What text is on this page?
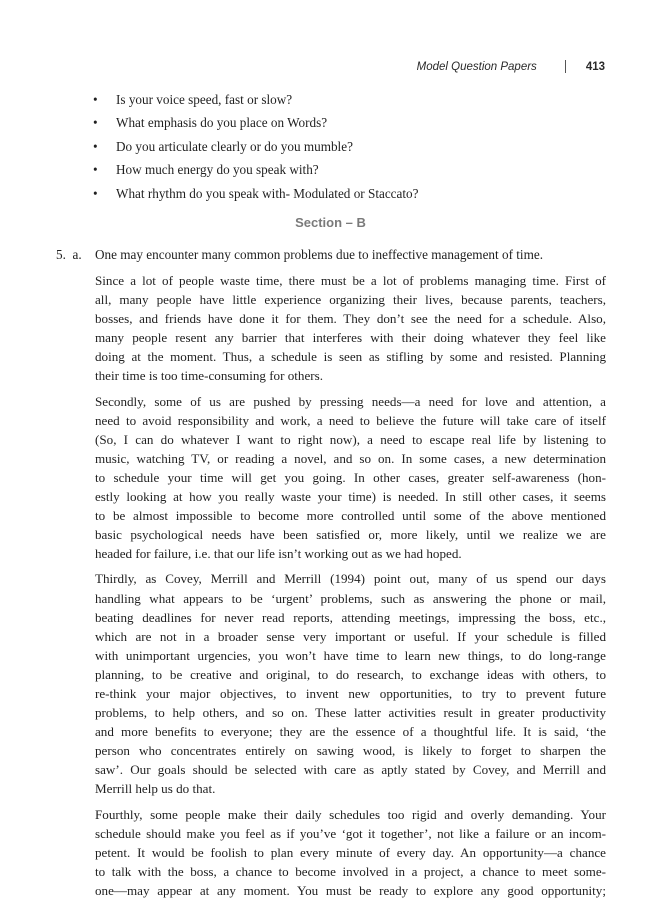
Model Question Papers	413
• Is your voice speed, fast or slow?
• What emphasis do you place on Words?
• Do you articulate clearly or do you mumble?
• How much energy do you speak with?
• What rhythm do you speak with- Modulated or Staccato?
Section – B
5. a. One may encounter many common problems due to ineffective management of time.

Since a lot of people waste time, there must be a lot of problems managing time. First of
all, many people have little experience organizing their lives, because parents, teachers,
bosses, and friends have done it for them. They don’t see the need for a schedule. Also,
many people resent any barrier that interferes with their doing whatever they feel like
doing at the moment. Thus, a schedule is seen as stifling by some and resisted. Planning
their time is too time-consuming for others.

Secondly, some of us are pushed by pressing needs—a need for love and attention, a
need to avoid responsibility and work, a need to believe the future will take care of itself
(So, I can do whatever I want to right now), a need to escape real life by listening to
music, watching TV, or reading a novel, and so on. In some cases, a new determination
to schedule your time will get you going. In other cases, greater self-awareness (hon-
estly looking at how you really waste your time) is needed. In still other cases, it seems
to be almost impossible to become more controlled until some of the above mentioned
basic psychological needs have been satisfied or, more likely, until we realize we are
headed for failure, i.e. that our life isn’t working out as we had hoped.

Thirdly, as Covey, Merrill and Merrill (1994) point out, many of us spend our days
handling what appears to be ‘urgent’ problems, such as answering the phone or mail,
beating deadlines for never read reports, attending meetings, impressing the boss, etc.,
which are not in a broader sense very important or useful. If your schedule is filled
with unimportant urgencies, you won’t have time to learn new things, to do long-range
planning, to be creative and original, to do research, to exchange ideas with others, to
re-think your major objectives, to invent new opportunities, to try to prevent future
problems, to help others, and so on. These latter activities result in greater productivity
and more benefits to everyone; they are the essence of a thoughtful life. It is said, ‘the
person who concentrates entirely on sawing wood, is likely to forget to sharpen the
saw’. Our goals should be selected with care as aptly stated by Covey, and Merrill and
Merrill help us do that.

Fourthly, some people make their daily schedules too rigid and overly demanding. Your
schedule should make you feel as if you’ve ‘got it together’, not like a failure or an incom-
petent. It would be foolish to plan every minute of every day. An opportunity—a chance
to talk with the boss, a chance to become involved in a project, a chance to meet some-
one—may appear at any moment. You must be ready to explore any good opportunity;
